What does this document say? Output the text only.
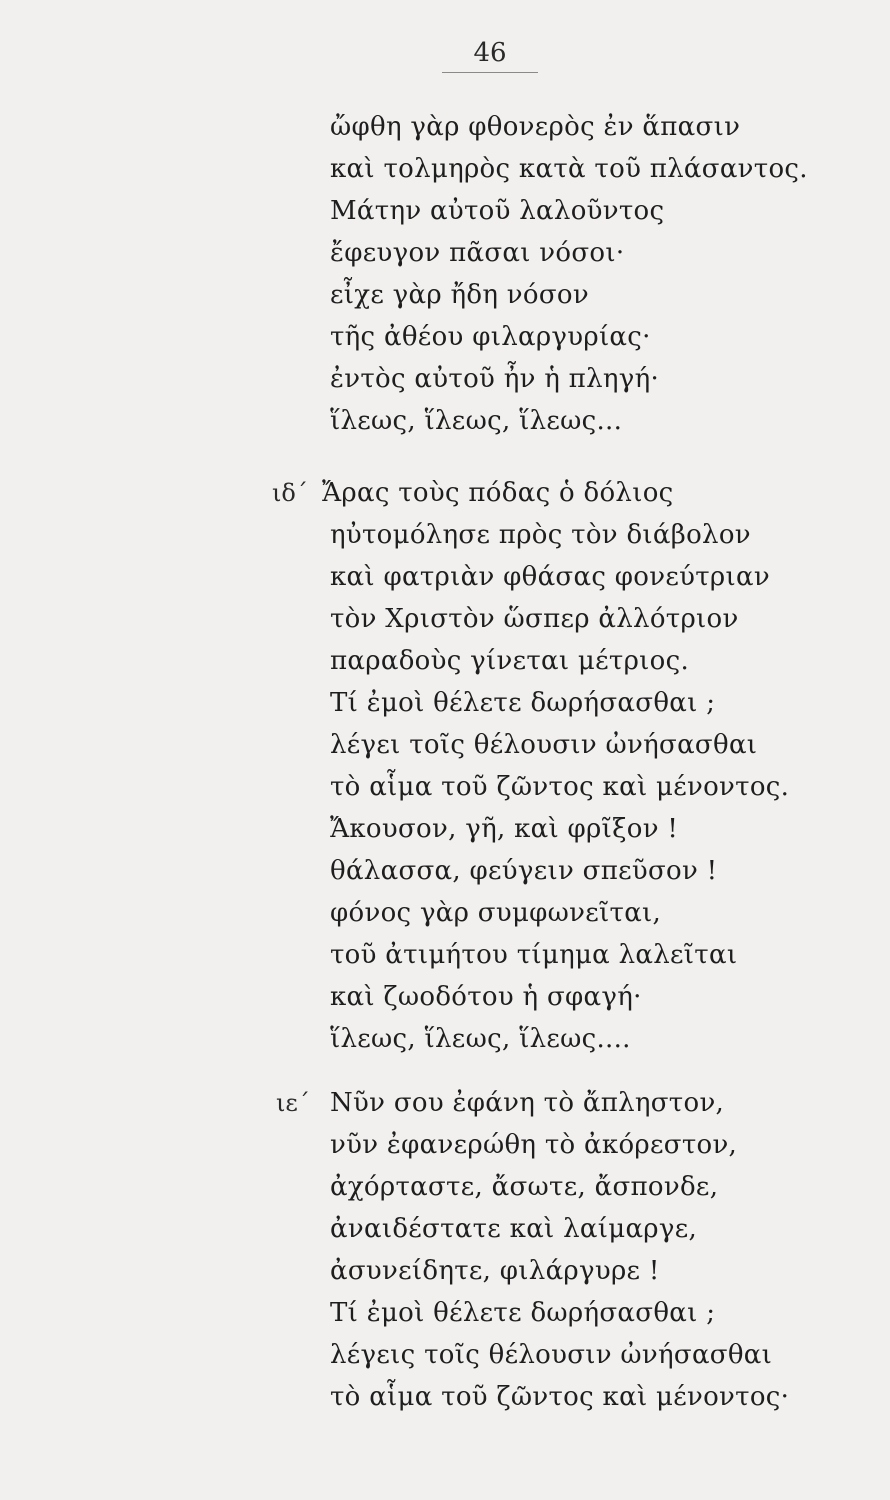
46
ὤφθη γὰρ φθονερὸς ἐν ἅπασιν
καὶ τολμηρὸς κατὰ τοῦ πλάσαντος.
Μάτην αὐτοῦ λαλοῦντος
ἔφευγον πᾶσαι νόσοι·
εἶχε γὰρ ἤδη νόσον
τῆς ἀθέου φιλαργυρίας·
ἐντὸς αὐτοῦ ἦν ἡ πληγή·
ἵλεως, ἵλεως, ἵλεως...
ιδ΄ Ἄρας τοὺς πόδας ὁ δόλιος
ηὐτομόλησε πρὸς τὸν διάβολον
καὶ φατριὰν φθάσας φονεύτριαν
τὸν Χριστὸν ὥσπερ ἀλλότριον
παραδοὺς γίνεται μέτριος.
Τί ἐμοὶ θέλετε δωρήσασθαι ;
λέγει τοῖς θέλουσιν ὠνήσασθαι
τὸ αἷμα τοῦ ζῶντος καὶ μένοντος.
Ἄκουσον, γῆ, καὶ φρῖξον !
θάλασσα, φεύγειν σπεῦσον !
φόνος γὰρ συμφωνεῖται,
τοῦ ἀτιμήτου τίμημα λαλεῖται
καὶ ζωοδότου ἡ σφαγή·
ἵλεως, ἵλεως, ἵλεως....
ιε΄ Νῦν σου ἐφάνη τὸ ἄπληστον,
νῦν ἐφανερώθη τὸ ἀκόρεστον,
ἀχόρταστε, ἄσωτε, ἄσπονδε,
ἀναιδέστατε καὶ λαίμαργε,
ἀσυνείδητε, φιλάργυρε !
Τί ἐμοὶ θέλετε δωρήσασθαι ;
λέγεις τοῖς θέλουσιν ὠνήσασθαι
τὸ αἷμα τοῦ ζῶντος καὶ μένοντος·
